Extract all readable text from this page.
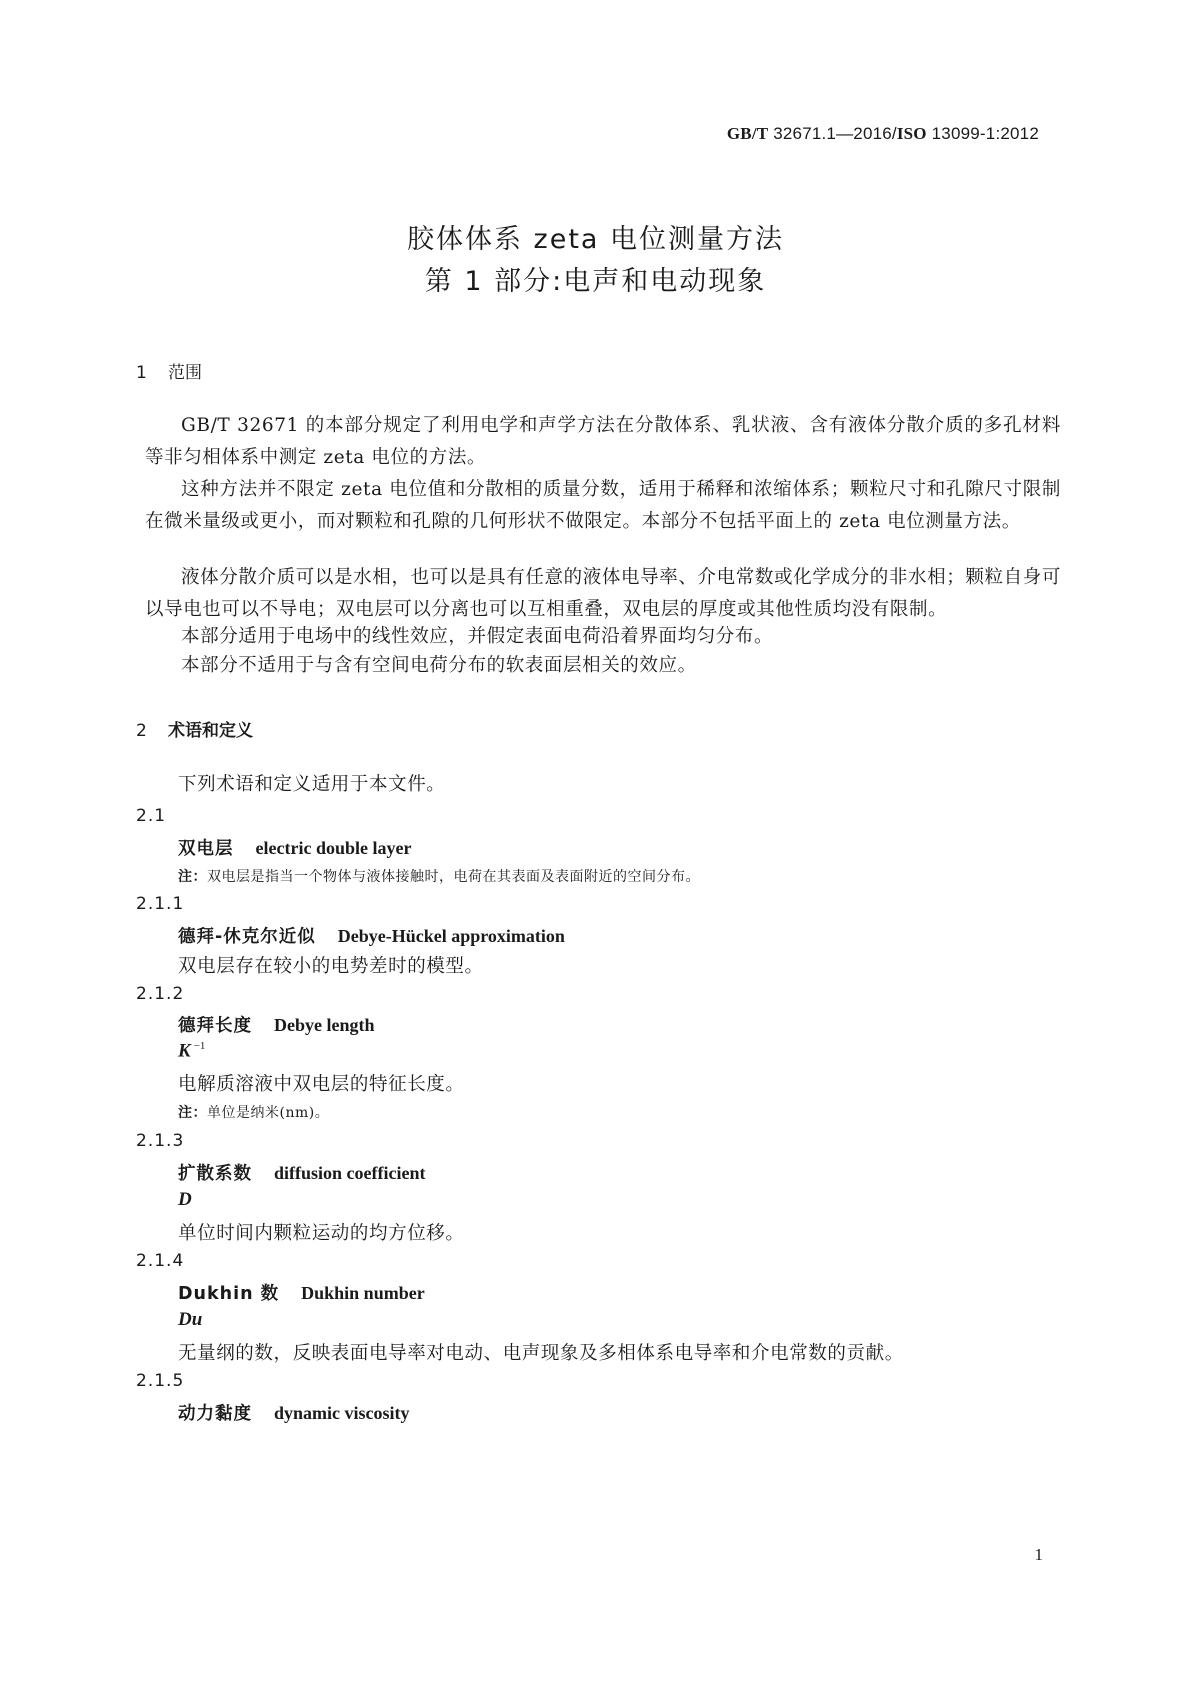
GB/T 32671.1—2016/ISO 13099-1:2012
胶体体系 zeta 电位测量方法
第 1 部分:电声和电动现象
1 范围
GB/T 32671 的本部分规定了利用电学和声学方法在分散体系、乳状液、含有液体分散介质的多孔材料等非匀相体系中测定 zeta 电位的方法。
这种方法并不限定 zeta 电位值和分散相的质量分数，适用于稀释和浓缩体系；颗粒尺寸和孔隙尺寸限制在微米量级或更小，而对颗粒和孔隙的几何形状不做限定。本部分不包括平面上的 zeta 电位测量方法。
液体分散介质可以是水相，也可以是具有任意的液体电导率、介电常数或化学成分的非水相；颗粒自身可以导电也可以不导电；双电层可以分离也可以互相重叠，双电层的厚度或其他性质均没有限制。
本部分适用于电场中的线性效应，并假定表面电荷沿着界面均匀分布。
本部分不适用于与含有空间电荷分布的软表面层相关的效应。
2 术语和定义
下列术语和定义适用于本文件。
2.1
双电层 electric double layer
注：双电层是指当一个物体与液体接触时，电荷在其表面及表面附近的空间分布。
2.1.1
德拜-休克尔近似 Debye-Hückel approximation
双电层存在较小的电势差时的模型。
2.1.2
德拜长度 Debye length
K $^{-1}$
电解质溶液中双电层的特征长度。
注：单位是纳米(nm)。
2.1.3
扩散系数 diffusion coefficient
D
单位时间内颗粒运动的均方位移。
2.1.4
Dukhin 数 Dukhin number
Du
无量纲的数，反映表面电导率对电动、电声现象及多相体系电导率和介电常数的贡献。
2.1.5
动力黏度 dynamic viscosity
1
